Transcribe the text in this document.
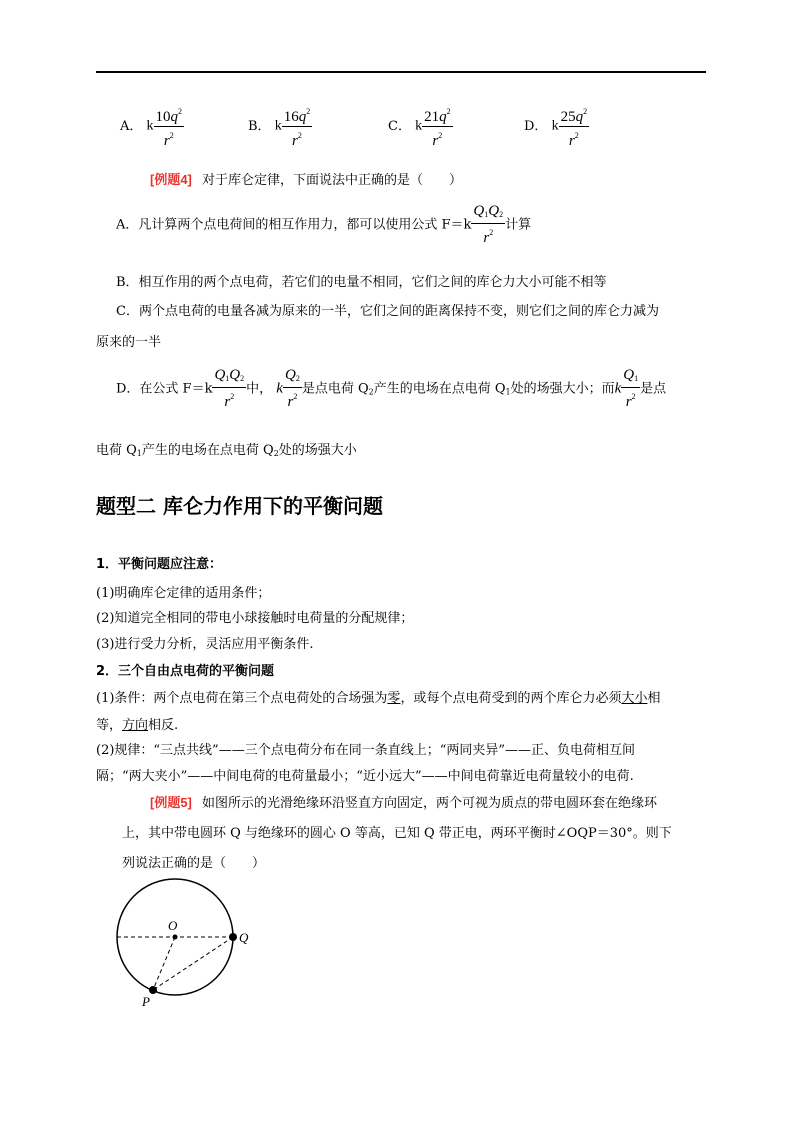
A． k $\frac{10q^2}{r^2}$	B． k $\frac{16q^2}{r^2}$	C． k $\frac{21q^2}{r^2}$	D． k $\frac{25q^2}{r^2}$
[例题4] 对于库仑定律，下面说法中正确的是（　　）
A．凡计算两个点电荷间的相互作用力，都可以使用公式 $F=k \frac{Q_1Q_2}{r^2}$ 计算
B．相互作用的两个点电荷，若它们的电量不相同，它们之间的库仑力大小可能不相等
C．两个点电荷的电量各减为原来的一半，它们之间的距离保持不变，则它们之间的库仑力减为
原来的一半
D．在公式 $F=k \frac{Q_1Q_2}{r^2}$ 中， k $\frac{Q_2}{r^2}$ 是点电荷 $Q_2$产生的电场在点电荷 $Q_1$处的场强大小；而k $\frac{Q_1}{r^2}$ 是点
电荷 $Q_1$产生的电场在点电荷 $Q_2$处的场强大小
题型二 库仑力作用下的平衡问题
1．平衡问题应注意：
(1)明确库仑定律的适用条件；
(2)知道完全相同的带电小球接触时电荷量的分配规律；
(3)进行受力分析，灵活应用平衡条件.
2．三个自由点电荷的平衡问题
(1)条件：两个点电荷在第三个点电荷处的合场强为零，或每个点电荷受到的两个库仑力必须大小相
等，方向相反.
(2)规律：“三点共线”——三个点电荷分布在同一条直线上；“两同夹异”——正、负电荷相互间
隔；“两大夹小”——中间电荷的电荷量最小；“近小远大”——中间电荷靠近电荷量较小的电荷.
[例题5] 如图所示的光滑绝缘环沿竖直方向固定，两个可视为质点的带电圆环套在绝缘环
上，其中带电圆环 Q 与绝缘环的圆心 O 等高，已知 Q 带正电，两环平衡时∠OQP＝30°。则下
列说法正确的是（　　）
O
Q
P
